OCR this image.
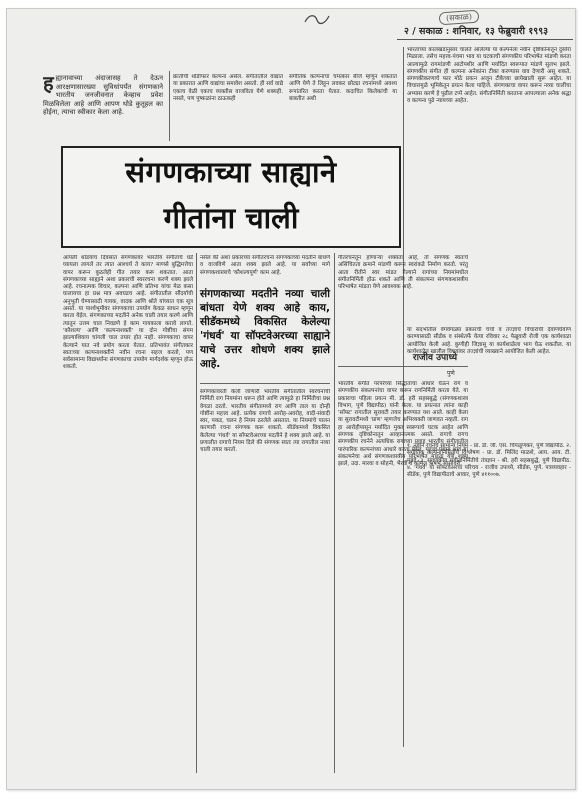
(सकाळ)
२ / सकाळ : शनिवार, १३ फेब्रुवारी १९९३
हह्यानावाच्या अंदाजासह ते देऊन आरक्षणासारख्या सुविधांपर्यंत संगणकाने भारतीय जनजीवनात केव्हाच प्रवेश मिळविलेला आहे आणि आपण थोडे कुतूहल का होईना, त्याचा स्वीकार केला आहे.
क्रांतीची थोडीफार कल्पना असेल. संगीतातील वाद्यांत या प्रकारात आणि वाद्यांचा समावेश असतो. ही सर्व वाद्ये एकाच वेळी एकाच व्यक्तीस वाजविता येणे शक्यही. नसले, पण पुष्कळांना ठाऊकही
संगीतिक कल्पनांचा चमत्कार बीजे म्हणून शकतात आणि येणे ते लिहून लवकर छोट्या रचनांमध्ये अवश्य रूपांतरित करता येतात. कदाचित किलेकांची या बाबतीत अशी
संगणकाच्या साह्याने
गीतांना चाली
भारताच्या कालखंडानुसार चालते आलेल्या या कल्पनेला नवीन दृष्टिकोनातून दुसोरा मिळाला. तसेच महत्त्व-पंचमा भाव या घटकाची संगणकीय परिभाषेत मांडणी करता आल्यामुळे रागमांडणी आटोपशीर आणि मर्यादित स्वरूपात मांडणे सुलभ झाले. संगणकीय संगीत ही कल्पना अनेकांना टीका करण्यास वाव देणारी असू शकते. संगणकीकरणाचे फार मोठे प्रयत्न अजून टीकेच्या छायेखाली सुरू आहेत. या विचारामुळे भूमिकेतून प्रयत्न केला पाहिजे. संगणकाचा वापर करून नव्या चालींचा अभ्यास करणे हे पुढील टप्पे आहेत. संगीतनिर्मिती करताना आपल्याला अनेक श्रद्धा व कल्पना पुढे न्यायच्या आहेत.
या संदर्भातील वेगवेगळ्या प्रकारची चर्चा व तज्ज्ञांचे विचारांची देवाणघेवाण करण्यासाठी सीडॅक व संस्थेतर्फे येत्या रविवार २८ फेब्रुवारी रोजी एक कार्यशाळा आयोजित केली आहे. कुणीही जिज्ञासू या कार्यशाळेला भाग घेऊ शकतील. या कार्यशाळेत खालील विषयांवर तज्ज्ञांची व्याख्याने आयोजित केली आहेत.
१. नवीन रचनेचे सामान्य नियम - प्रा. डॉ. जी. एस. चिपळूणकर, पुणे विद्यापीठ. २. संगीतिक कल्पनानिर्मितीचे विश्लेषण - प्रा. डॉ. मिलिंद माळशे, आय. आय. टी. मुंबई. ३. संगणकीय संगीतनिर्मितीचे तंत्रज्ञान - श्री. हरी सहस्रबुद्धे, पुणे विद्यापीठ. ४. 'गंधर्व' या सॉफ्टवेअरचा परिचय - राजीव उपाध्ये, सीडॅक, पुणे. पत्रव्यवहार - सीडॅक, पुणे विद्यापीठाचे आवार, पुणे ४११००७.
आपली थोडयाच दिवसात संगणकावर भारतीय संगीताचे धडे घ्यायला लागले तर त्यात आश्चर्य ते काय? माणसे बुद्धिमत्तेचा वापर करून कुठलेही गीत तयार करू शकतात. आता संगणकाच्या साह्याने अशा प्रकारची स्वररचना करणे शक्य झाले आहे. रचनात्मक विचार, कल्पना आणि प्रतिभा यांचा मेळ कसा घालायचा हा प्रश्न मात्र अवघडच आहे. संगीतातील सौंदर्याची अनुभूती घेण्यासाठी गायक, वादक आणि श्रोते यांच्यात एक सूत्र असते. या पार्श्वभूमीवर संगणकाचा उपयोग केवळ साधन म्हणून करता येईल. संगणकाच्या मदतीने अनेक चाली तयार करणे आणि त्यातून उत्तम चाल निवडणे हे काम गायकाला करावे लागते. 'कौशल्य' आणि 'कल्पनाशक्ती' या दोन गोष्टींचा संगम झाल्याशिवाय चांगली चाल तयार होत नाही. संगणकाचा वापर केल्याने यात नवे प्रयोग करता येतात. प्रतिभावंत संगीतकार स्वतःच्या कल्पनाशक्तीने नवीन रचना सहज करतो, पण सर्वसामान्य विद्यार्थ्यांना संगणकाचा उपयोग मार्गदर्शक म्हणून होऊ शकतो.
नसेल की अशा प्रकारच्या संगीतरचना संगणकाच्या मदतीने बांधणे व वाजविणे आता शक्य झाले आहे. या सर्वांच्या मागे संगणकशास्त्राचे 'कौशल्यपूर्ण' काम आहे.
संगणकाच्या मदतीने नव्या चाली बांधता येणे शक्य आहे काय, सीडॅकमध्ये विकसित केलेल्या 'गंधर्व' या सॉफ्टवेअरच्या साह्याने याचे उत्तर शोधणे शक्य झाले आहे.
संगणकावरती केली जाणारी भारतीय संगीतातील स्वरचनांची निर्मिती राग नियमांना धरून होते आणि त्यामुळे हा निर्मितीचा प्रश्न वेगळा ठरतो. भारतीय संगीतामध्ये राग आणि ताल या दोन्ही गोष्टींना महत्त्व आहे. प्रत्येक रागाचे आरोह-अवरोह, वादी-संवादी स्वर, पकड, चलन हे नियम ठरलेले असतात. या नियमांचे पालन करणारी रचना संगणक करू शकतो. सीडॅकमध्ये विकसित केलेल्या 'गंधर्व' या सॉफ्टवेअरच्या मदतीने हे शक्य झाले आहे. या प्रणालीत रागाचे नियम दिले की संगणक स्वतः त्या रागातील नव्या चाली तयार करतो.
गीतरचनेतून होणाऱ्या शक्यता आहे, तो संगणक स्वतःचे असिंचितता क्रमाने मांडणी करून स्वरांकडे निर्माण करतो. परंतु आता रीतीने स्वर मांडत गेल्याने रागांच्या नियमांमधील संगीतनिर्मिती होऊ शकते आणि ती संकल्पना संगणकशास्त्रीय परिभाषेत मांडता येणे आवश्यक आहे.
राजीव उपाध्ये
पुणे
भारतीय संगीत परंपरेच्या सिद्धांताचा आधार घेऊन राग व संगणकीय संकल्पनांचा वापर करून रागनिर्मिती करता येते. या प्रकाराचा पहिला प्रयत्न मी. डॉ. हरी सहस्रबुद्धे (संगणकशास्त्र विभाग, पुणे विद्यापीठ) यांनी केला. या प्रयत्नात त्यांना काही 'सॉफ्ट' रागातील सुरावटी तयार करण्यात यश आले. काही केला या सुरावटीमध्ये 'प्राण' म्हणजेच अभिव्यक्ती जाणवत नव्हती. राग हा आरोहीपासून मर्यादित मुक्त स्वरूपाचे घटक आहेत आणि संगणक दृष्टिकोनातून आव्हानात्मक असते. रागाचे रागच संगणकीय रचनेने अत्यधिक रागाच्या प्रवाह भारतीय संगीतातील पारंपारिक कल्पनांच्या आधारे करता येईल. महत्त्व-पंचमा भाव या संकल्पनेचा अर्थ संगणकशास्त्रीय परिभाषेत मांडता येणे शक्य झाले, उदा. मारवा व सोहनी, भैरवी व कोमल ऋषभ आसावरी.
